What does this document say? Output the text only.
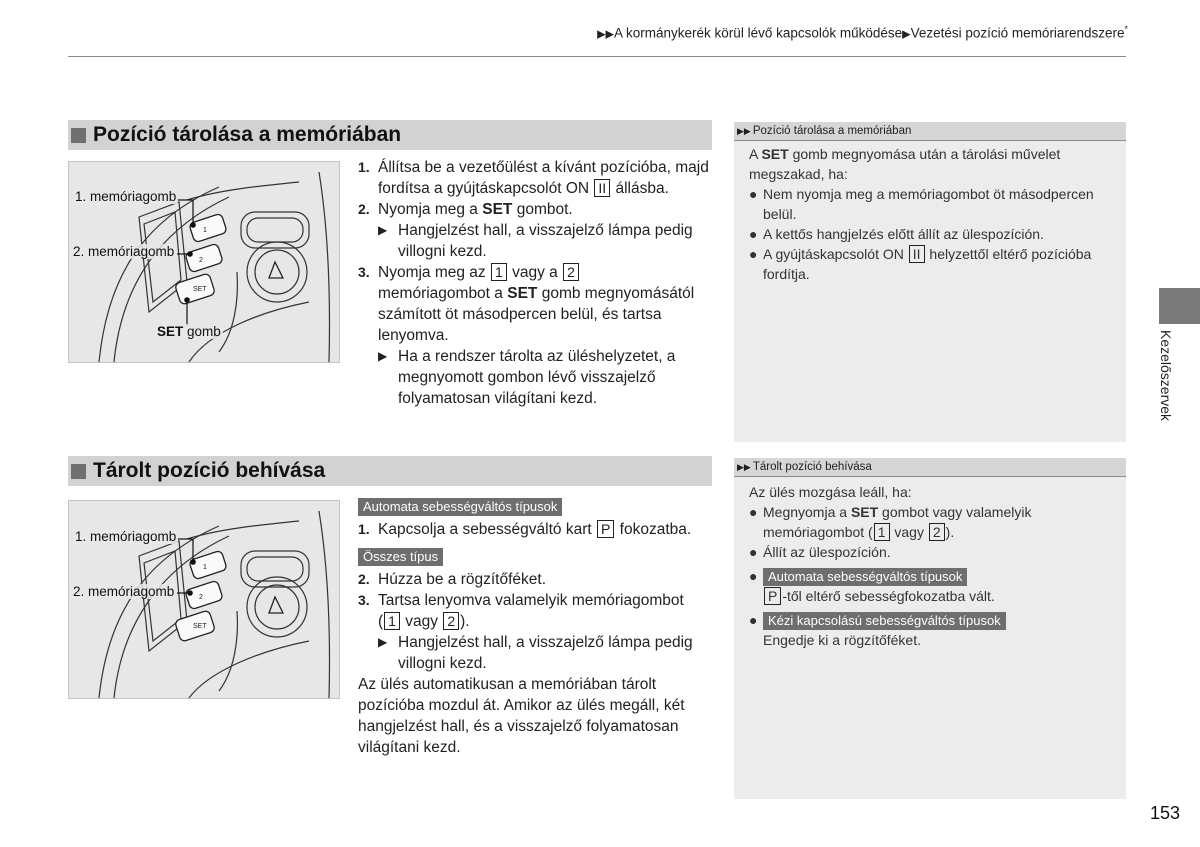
▶▶A kormánykerék körül lévő kapcsolók működése▶Vezetési pozíció memóriarendszere*
Pozíció tárolása a memóriában
1
2
SET
1. memóriagomb
2. memóriagomb
SET gomb
1. Állítsa be a vezetőülést a kívánt pozícióba, majd fordítsa a gyújtáskapcsolót ON II állásba.
2. Nyomja meg a SET gombot.
▶ Hangjelzést hall, a visszajelző lámpa pedig villogni kezd.
3. Nyomja meg az 1 vagy a 2
memóriagombot a SET gomb megnyomásától számított öt másodpercen belül, és tartsa lenyomva.
▶ Ha a rendszer tárolta az üléshelyzetet, a megnyomott gombon lévő visszajelző folyamatosan világítani kezd.
Tárolt pozíció behívása
1
2
SET
1. memóriagomb
2. memóriagomb
Automata sebességváltós típusok
1. Kapcsolja a sebességváltó kart P fokozatba.
Összes típus
2. Húzza be a rögzítőféket.
3. Tartsa lenyomva valamelyik memóriagombot
( 1 vagy 2 ).
▶ Hangjelzést hall, a visszajelző lámpa pedig villogni kezd.
Az ülés automatikusan a memóriában tárolt pozícióba mozdul át. Amikor az ülés megáll, két hangjelzést hall, és a visszajelző folyamatosan világítani kezd.
▶▶ Pozíció tárolása a memóriában
A SET gomb megnyomása után a tárolási művelet megszakad, ha:
● Nem nyomja meg a memóriagombot öt másodpercen belül.
● A kettős hangjelzés előtt állít az ülespozíción.
● A gyújtáskapcsolót ON II helyzettől eltérő pozícióba fordítja.
▶▶ Tárolt pozíció behívása
Az ülés mozgása leáll, ha:
● Megnyomja a SET gombot vagy valamelyik memóriagombot ( 1 vagy 2 ).
● Állít az ülespozíción.
● Automata sebességváltós típusok
P -től eltérő sebességfokozatba vált.
● Kézi kapcsolású sebességváltós típusok
Engedje ki a rögzítőféket.
Kezelőszervek
153
